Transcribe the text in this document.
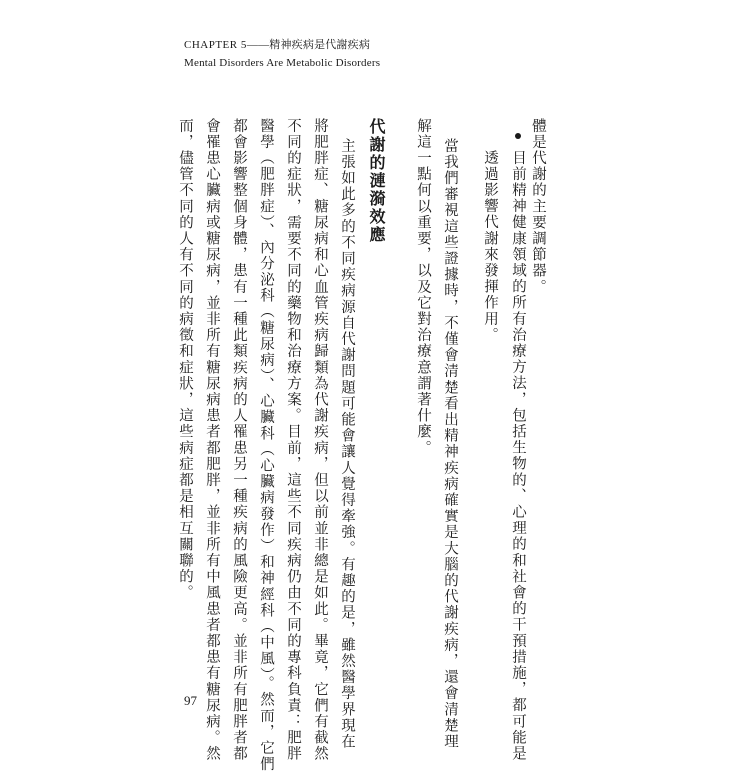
CHAPTER 5——精神疾病是代謝疾病
Mental Disorders Are Metabolic Disorders
體是代謝的主要調節器。
目前精神健康領域的所有治療方法，包括生物的、心理的和社會的干預措施，都可能是
透過影響代謝來發揮作用。
當我們審視這些證據時，不僅會清楚看出精神疾病確實是大腦的代謝疾病，還會清楚理
解這一點何以重要，以及它對治療意謂著什麼。
代謝的漣漪效應
主張如此多的不同疾病源自代謝問題可能會讓人覺得牽強。有趣的是，雖然醫學界現在
將肥胖症、糖尿病和心血管疾病歸類為代謝疾病，但以前並非總是如此。畢竟，它們有截然
不同的症狀，需要不同的藥物和治療方案。目前，這些不同疾病仍由不同的專科負責：肥胖
醫學（肥胖症）、內分泌科（糖尿病）、心臟科（心臟病發作）和神經科（中風）。然而，它們
都會影響整個身體，患有一種此類疾病的人罹患另一種疾病的風險更高。並非所有肥胖者都
會罹患心臟病或糖尿病，並非所有糖尿病患者都肥胖，並非所有中風患者都患有糖尿病。然
而，儘管不同的人有不同的病徵和症狀，這些病症都是相互關聯的。
97
